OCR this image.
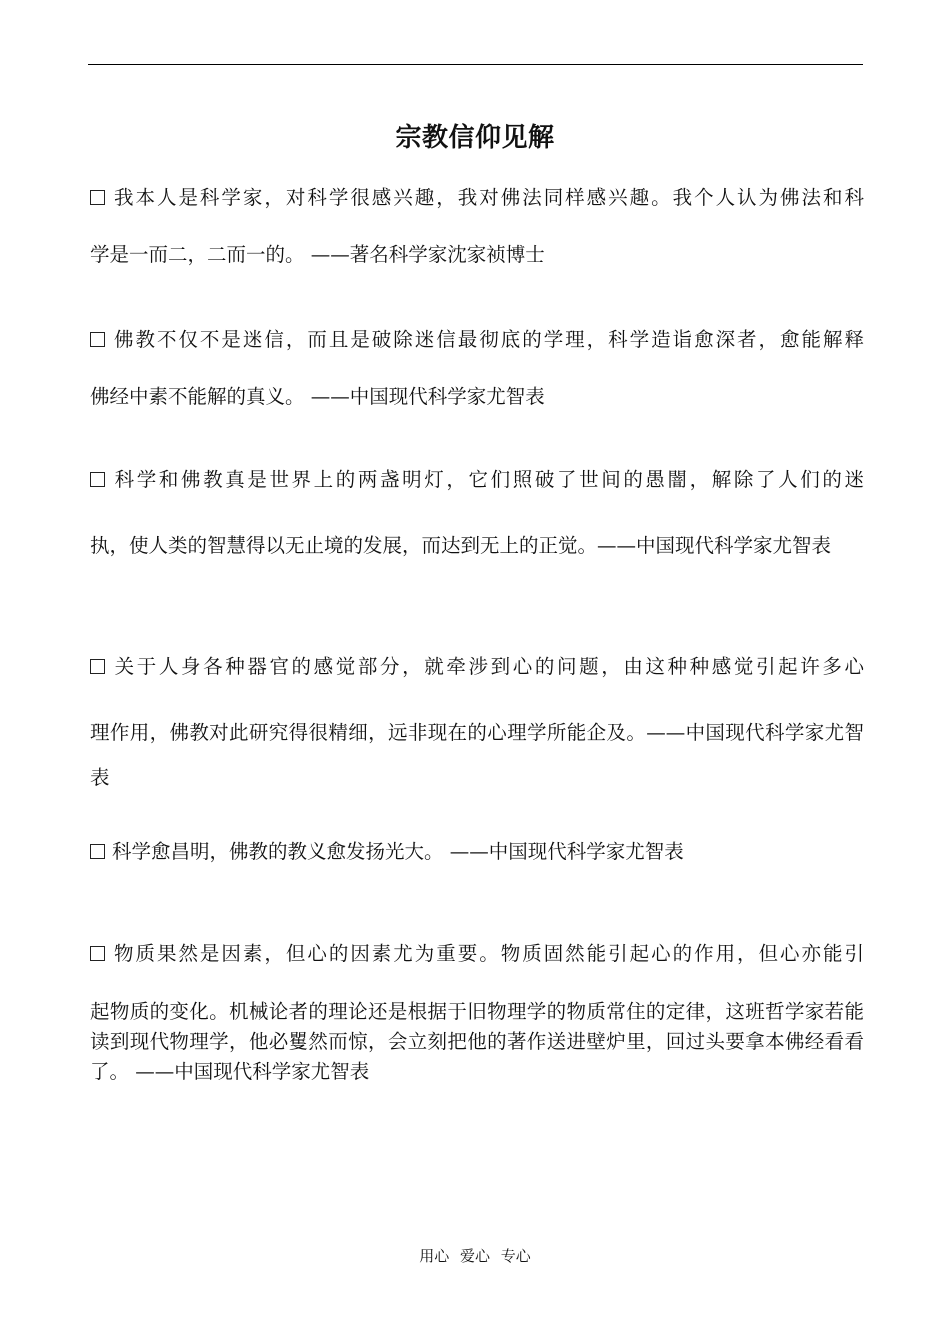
宗教信仰见解
我本人是科学家，对科学很感兴趣，我对佛法同样感兴趣。我个人认为佛法和科
学是一而二，二而一的。 ——著名科学家沈家祯博士
佛教不仅不是迷信，而且是破除迷信最彻底的学理，科学造诣愈深者，愈能解释
佛经中素不能解的真义。 ——中国现代科学家尤智表
科学和佛教真是世界上的两盏明灯，它们照破了世间的愚闇，解除了人们的迷
执，使人类的智慧得以无止境的发展，而达到无上的正觉。——中国现代科学家尤智表
关于人身各种器官的感觉部分，就牵涉到心的问题，由这种种感觉引起许多心
理作用，佛教对此研究得很精细，远非现在的心理学所能企及。——中国现代科学家尤智表
科学愈昌明，佛教的教义愈发扬光大。 ——中国现代科学家尤智表
物质果然是因素，但心的因素尤为重要。物质固然能引起心的作用，但心亦能引
起物质的变化。机械论者的理论还是根据于旧物理学的物质常住的定律，这班哲学家若能读到现代物理学，他必矍然而惊，会立刻把他的著作送进壁炉里，回过头要拿本佛经看看了。 ——中国现代科学家尤智表
用心 爱心 专心
